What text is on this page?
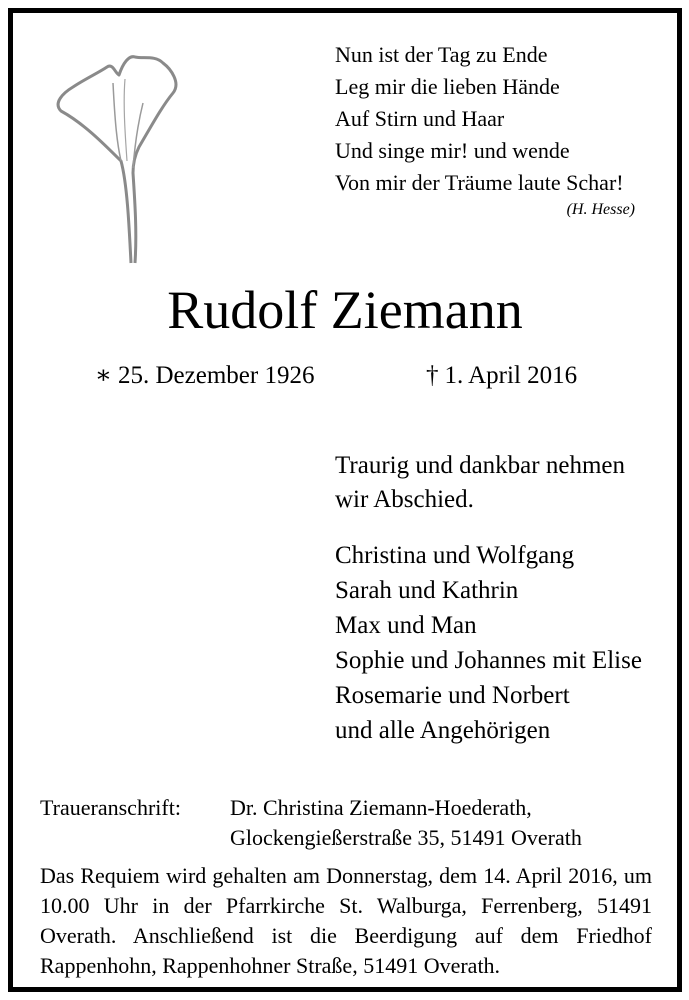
Nun ist der Tag zu Ende
Leg mir die lieben Hände
Auf Stirn und Haar
Und singe mir! und wende
Von mir der Träume laute Schar!
(H. Hesse)
Rudolf Ziemann
∗ 25. Dezember 1926	† 1. April 2016
Traurig und dankbar nehmen
wir Abschied.
Christina und Wolfgang
Sarah und Kathrin
Max und Man
Sophie und Johannes mit Elise
Rosemarie und Norbert
und alle Angehörigen
Traueranschrift: Dr. Christina Ziemann-Hoederath,
Glockengießerstraße 35, 51491 Overath
Das Requiem wird gehalten am Donnerstag, dem 14. April 2016, um 10.00 Uhr in der Pfarrkirche St. Walburga, Ferrenberg, 51491 Overath. Anschließend ist die Beerdigung auf dem Friedhof Rappenhohn, Rappenhohner Straße, 51491 Overath.
